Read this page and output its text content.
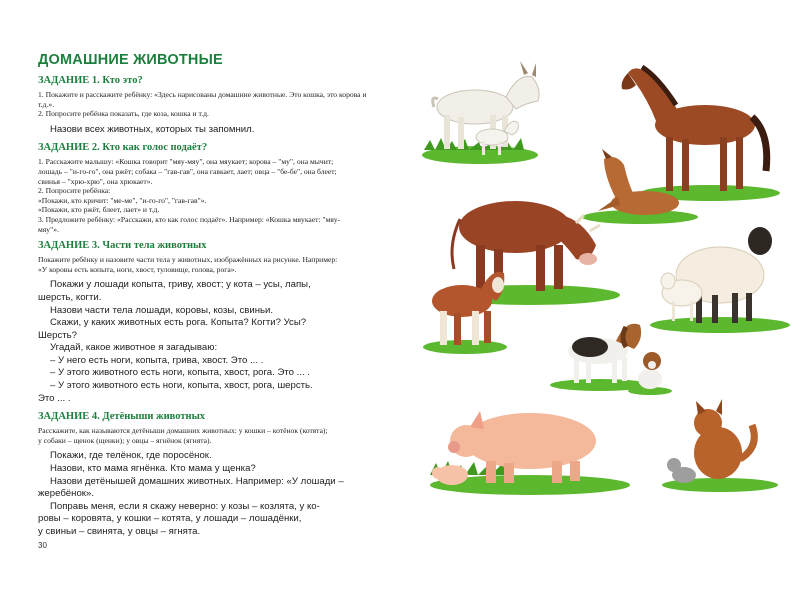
ДОМАШНИЕ ЖИВОТНЫЕ
ЗАДАНИЕ 1. Кто это?
1. Покажите и расскажите ребёнку: «Здесь нарисованы домашние животные. Это кошка, это корова и т.д.».
2. Попросите ребёнка показать, где коза, кошка и т.д.
Назови всех животных, которых ты запомнил.
ЗАДАНИЕ 2. Кто как голос подаёт?
1. Расскажите малышу: «Кошка говорит "мяу-мяу", она мяукает; корова – "му", она мычит;
лошадь – "и-го-го", она ржёт; собака – "гав-гав", она гавкает, лает; овца – "бе-бе", она блеет;
свинья – "хрю-хрю", она хрюкает».
2. Попросите ребёнка:
«Покажи, кто кричит: "ме-ме", "и-го-го", "гав-гав"».
«Покажи, кто ржёт, блеет, лает» и т.д.
3. Предложите ребёнку: «Расскажи, кто как голос подаёт». Например: «Кошка мяукает: "мяу-
мяу"».
ЗАДАНИЕ 3. Части тела животных
Покажите ребёнку и назовите части тела у животных, изображённых на рисунке. Например:
«У коровы есть копыта, ноги, хвост, туловище, голова, рога».
Покажи у лошади копыта, гриву, хвост; у кота – усы, лапы,
шерсть, когти.
Назови части тела лошади, коровы, козы, свиньи.
Скажи, у каких животных есть рога. Копыта? Когти? Усы?
Шерсть?
Угадай, какое животное я загадываю:
– У него есть ноги, копыта, грива, хвост. Это ... .
– У этого животного есть ноги, копыта, хвост, рога. Это ... .
– У этого животного есть ноги, копыта, хвост, рога, шерсть.
Это ... .
ЗАДАНИЕ 4. Детёныши животных
Расскажите, как называются детёныши домашних животных: у кошки – котёнок (котята);
у собаки – щенок (щенки); у овцы – ягнёнок (ягнята).
Покажи, где телёнок, где поросёнок.
Назови, кто мама ягнёнка. Кто мама у щенка?
Назови детёнышей домашних животных. Например: «У лошади –
жеребёнок».
Поправь меня, если я скажу неверно: у козы – козлята, у ко-
ровы – коровята, у кошки – котята, у лошади – лошадёнки,
у свиньи – свинята, у овцы – ягнята.
30
